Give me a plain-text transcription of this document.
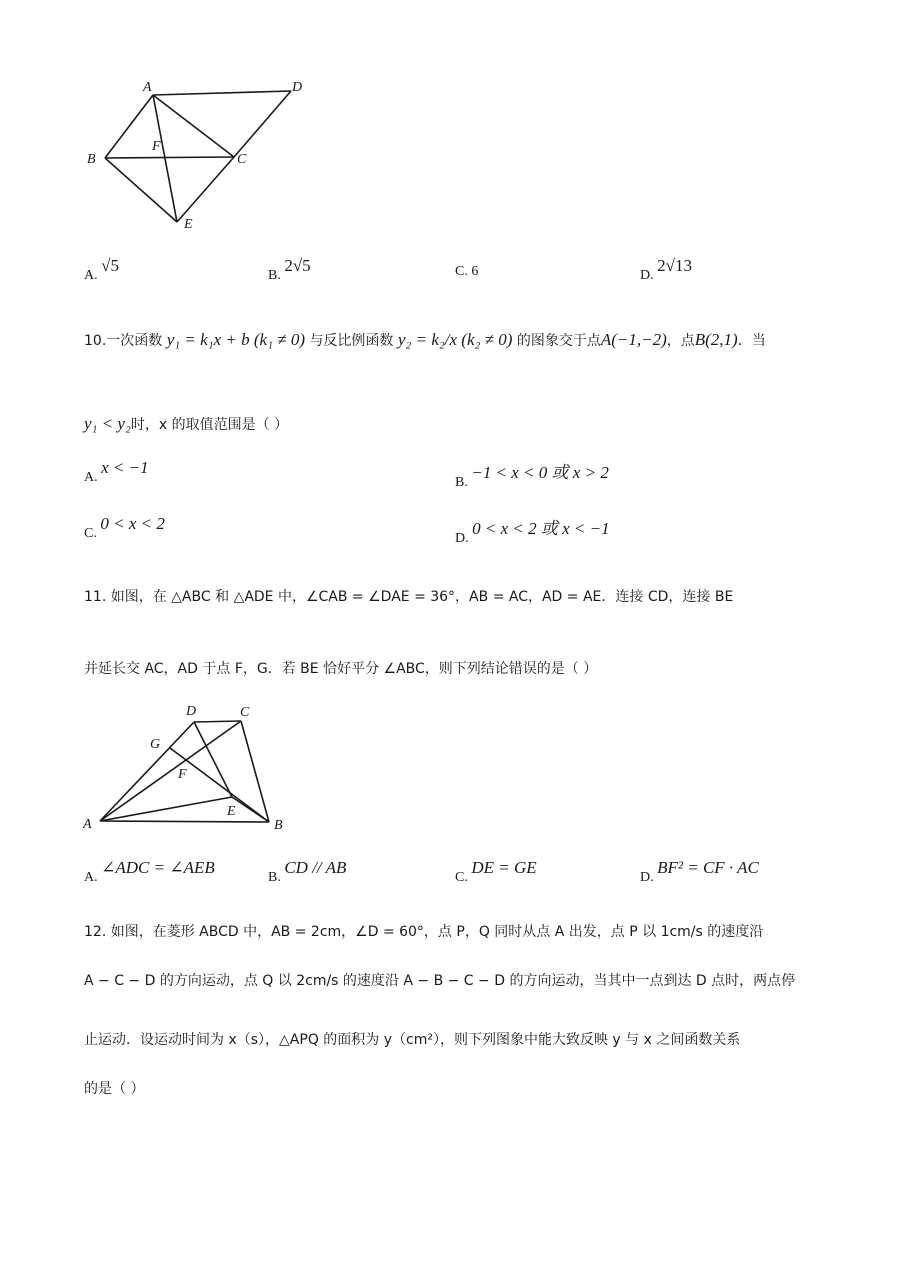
A	D
B	C
F
E
A. √5
B. 2√5	C. 6	D. 2√13
10.一次函数 y₁ = k₁x + b (k₁ ≠ 0) 与反比例函数 y₂ = k₂/x (k₂ ≠ 0) 的图象交于点A(−1,−2)，点B(2,1)．当
y₁ < y₂时，x 的取值范围是（ ）
A. x < −1
B. −1 < x < 0 或 x > 2
C. 0 < x < 2
D. 0 < x < 2 或 x < −1
11. 如图，在 △ABC 和 △ADE 中，∠CAB = ∠DAE = 36°，AB = AC，AD = AE．连接 CD，连接 BE
并延长交 AC，AD 于点 F，G．若 BE 恰好平分 ∠ABC，则下列结论错误的是（ ）
D	C
G
F
E
A	B
A. ∠ADC = ∠AEB
B. CD // AB
C. DE = GE
D. BF² = CF · AC
12. 如图，在菱形 ABCD 中，AB = 2cm，∠D = 60°，点 P，Q 同时从点 A 出发，点 P 以 1cm/s 的速度沿
A − C − D 的方向运动，点 Q 以 2cm/s 的速度沿 A − B − C − D 的方向运动，当其中一点到达 D 点时，两点停
止运动．设运动时间为 x（s），△APQ 的面积为 y（cm²），则下列图象中能大致反映 y 与 x 之间函数关系
的是（ ）
